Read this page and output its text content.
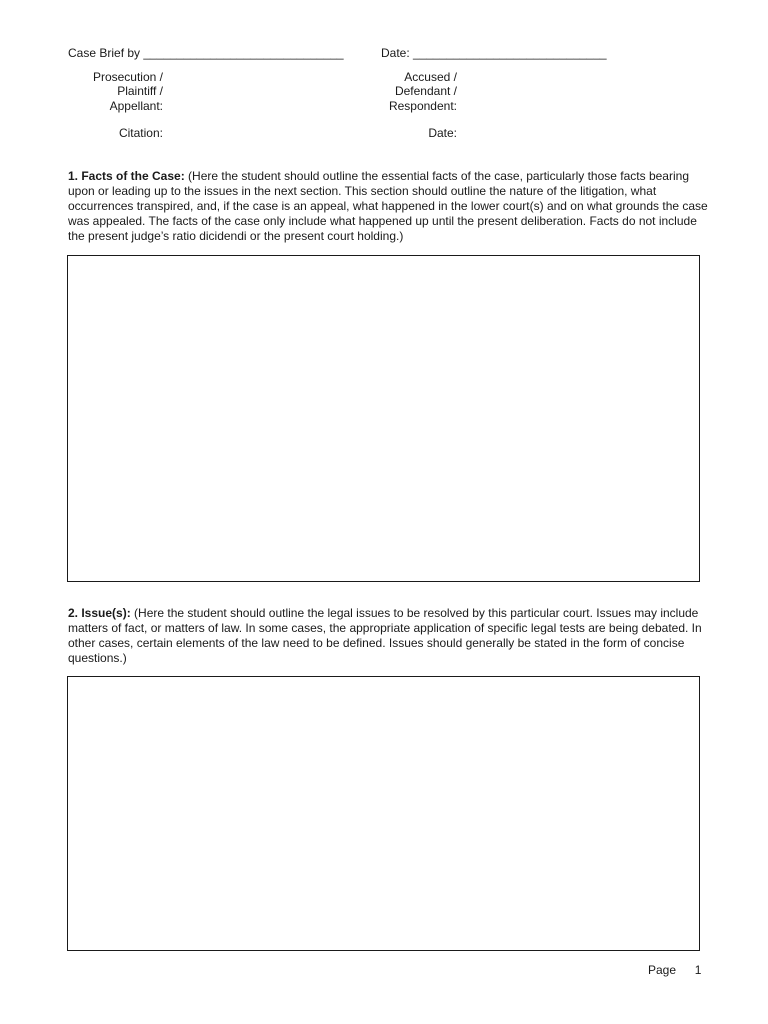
Case Brief by ______________________________	Date: _____________________________
Prosecution /
Plaintiff /
Appellant:
Accused /
Defendant /
Respondent:
Citation:	Date:
1. Facts of the Case: (Here the student should outline the essential facts of the case, particularly those facts bearing upon or leading up to the issues in the next section. This section should outline the nature of the litigation, what occurrences transpired, and, if the case is an appeal, what happened in the lower court(s) and on what grounds the case was appealed. The facts of the case only include what happened up until the present deliberation. Facts do not include the present judge’s ratio dicidendi or the present court holding.)
2. Issue(s): (Here the student should outline the legal issues to be resolved by this particular court. Issues may include matters of fact, or matters of law. In some cases, the appropriate application of specific legal tests are being debated. In other cases, certain elements of the law need to be defined. Issues should generally be stated in the form of concise questions.)
Page 1
